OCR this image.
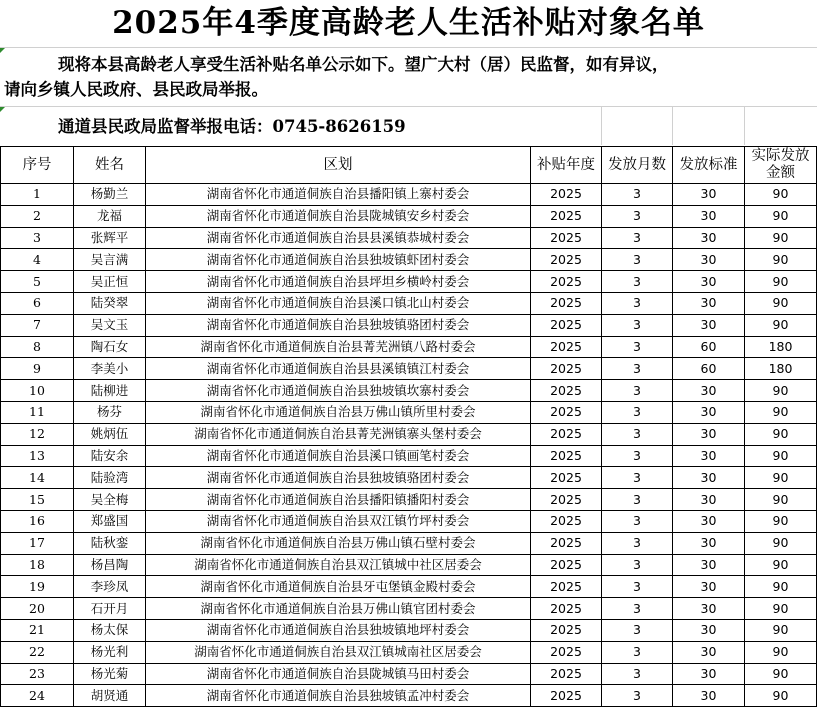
2025年4季度高龄老人生活补贴对象名单
现将本县高龄老人享受生活补贴名单公示如下。望广大村（居）民监督，如有异议，
请向乡镇人民政府、县民政局举报。
通道县民政局监督举报电话：0745-8626159
序号	姓名	区划	补贴年度	发放月数	发放标准	实际发放金额
1	杨勤兰	湖南省怀化市通道侗族自治县播阳镇上寨村委会	2025	3	30	90
2	龙福	湖南省怀化市通道侗族自治县陇城镇安乡村委会	2025	3	30	90
3	张辉平	湖南省怀化市通道侗族自治县县溪镇恭城村委会	2025	3	30	90
4	吴言满	湖南省怀化市通道侗族自治县独坡镇虾团村委会	2025	3	30	90
5	吴正恒	湖南省怀化市通道侗族自治县坪坦乡横岭村委会	2025	3	30	90
6	陆癸翠	湖南省怀化市通道侗族自治县溪口镇北山村委会	2025	3	30	90
7	吴文玉	湖南省怀化市通道侗族自治县独坡镇骆团村委会	2025	3	30	90
8	陶石女	湖南省怀化市通道侗族自治县菁芜洲镇八路村委会	2025	3	60	180
9	李美小	湖南省怀化市通道侗族自治县县溪镇镇江村委会	2025	3	60	180
10	陆柳进	湖南省怀化市通道侗族自治县独坡镇坎寨村委会	2025	3	30	90
11	杨芬	湖南省怀化市通道侗族自治县万佛山镇所里村委会	2025	3	30	90
12	姚炳伍	湖南省怀化市通道侗族自治县菁芜洲镇寨头堡村委会	2025	3	30	90
13	陆安余	湖南省怀化市通道侗族自治县溪口镇画笔村委会	2025	3	30	90
14	陆验湾	湖南省怀化市通道侗族自治县独坡镇骆团村委会	2025	3	30	90
15	吴全梅	湖南省怀化市通道侗族自治县播阳镇播阳村委会	2025	3	30	90
16	郑盛国	湖南省怀化市通道侗族自治县双江镇竹坪村委会	2025	3	30	90
17	陆秋銮	湖南省怀化市通道侗族自治县万佛山镇石壁村委会	2025	3	30	90
18	杨昌陶	湖南省怀化市通道侗族自治县双江镇城中社区居委会	2025	3	30	90
19	李珍凤	湖南省怀化市通道侗族自治县牙屯堡镇金殿村委会	2025	3	30	90
20	石开月	湖南省怀化市通道侗族自治县万佛山镇官团村委会	2025	3	30	90
21	杨太保	湖南省怀化市通道侗族自治县独坡镇地坪村委会	2025	3	30	90
22	杨光利	湖南省怀化市通道侗族自治县双江镇城南社区居委会	2025	3	30	90
23	杨光菊	湖南省怀化市通道侗族自治县陇城镇马田村委会	2025	3	30	90
24	胡贤通	湖南省怀化市通道侗族自治县独坡镇孟冲村委会	2025	3	30	90
